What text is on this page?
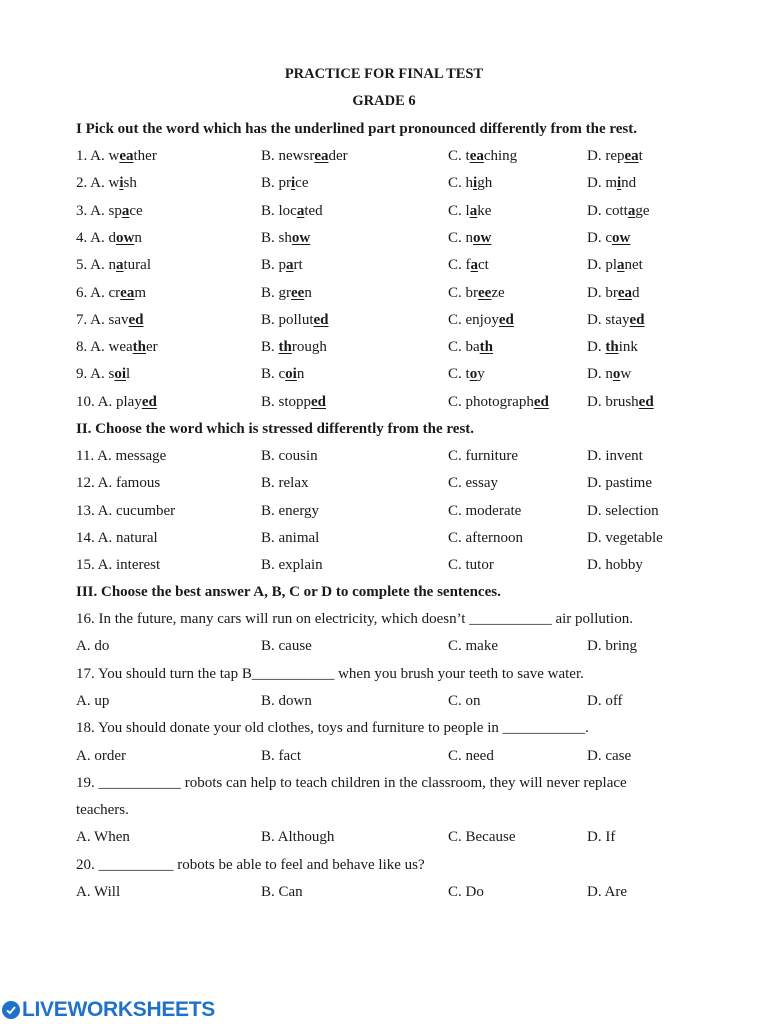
PRACTICE FOR FINAL TEST
GRADE 6
I Pick out the word which has the underlined part pronounced differently from the rest.
1. A. weather	B. newsreader	C. teaching	D. repeat
2. A. wish	B. price	C. high	D. mind
3. A. space	B. located	C. lake	D. cottage
4. A. down	B. show	C. now	D. cow
5. A. natural	B. part	C. fact	D. planet
6. A. cream	B. green	C. breeze	D. bread
7. A. saved	B. polluted	C. enjoyed	D. stayed
8. A. weather	B. through	C. bath	D. think
9. A. soil	B. coin	C. toy	D. now
10. A. played	B. stopped	C. photographed	D. brushed
II. Choose the word which is stressed differently from the rest.
11. A. message	B. cousin	C. furniture	D. invent
12. A. famous	B. relax	C. essay	D. pastime
13. A. cucumber	B. energy	C. moderate	D. selection
14. A. natural	B. animal	C. afternoon	D. vegetable
15. A. interest	B. explain	C. tutor	D. hobby
III. Choose the best answer A, B, C or D to complete the sentences.
16. In the future, many cars will run on electricity, which doesn’t ___________ air pollution.
A. do	B. cause	C. make	D. bring
17. You should turn the tap B___________ when you brush your teeth to save water.
A. up	B. down	C. on	D. off
18. You should donate your old clothes, toys and furniture to people in ___________.
A. order	B. fact	C. need	D. case
19. ___________ robots can help to teach children in the classroom, they will never replace
teachers.
A. When	B. Although	C. Because	D. If
20. __________ robots be able to feel and behave like us?
A. Will	B. Can	C. Do	D. Are
LIVEWORKSHEETS
